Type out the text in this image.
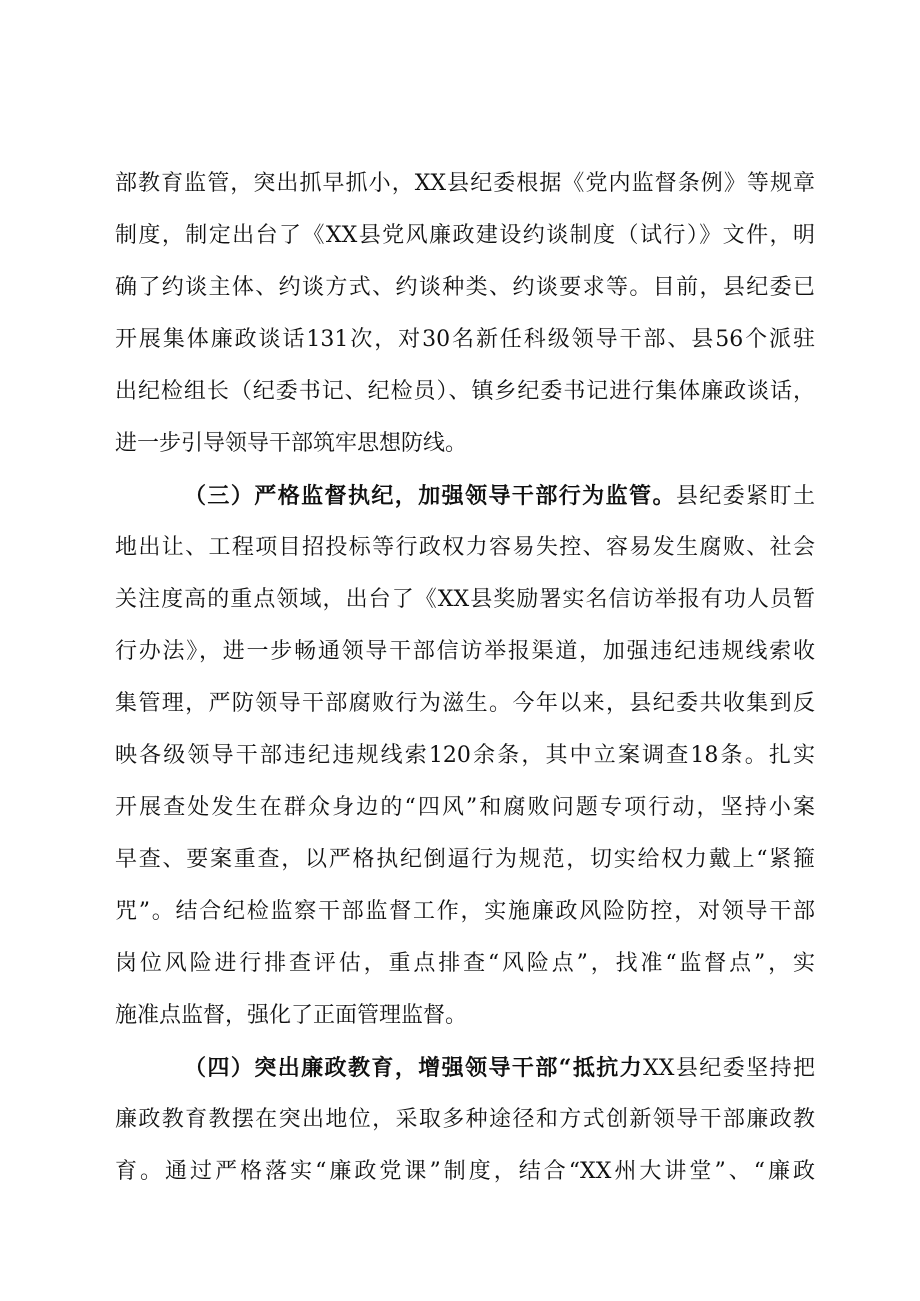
部教育监管，突出抓早抓小，XX县纪委根据《党内监督条例》等规章
制度，制定出台了《XX县党风廉政建设约谈制度（试行）》文件，明
确了约谈主体、约谈方式、约谈种类、约谈要求等。目前，县纪委已
开展集体廉政谈话131次，对30名新任科级领导干部、县56个派驻
出纪检组长（纪委书记、纪检员）、镇乡纪委书记进行集体廉政谈话，
进一步引导领导干部筑牢思想防线。
（三）严格监督执纪，加强领导干部行为监管。县纪委紧盯土
地出让、工程项目招投标等行政权力容易失控、容易发生腐败、社会
关注度高的重点领域，出台了《XX县奖励署实名信访举报有功人员暂
行办法》，进一步畅通领导干部信访举报渠道，加强违纪违规线索收
集管理，严防领导干部腐败行为滋生。今年以来，县纪委共收集到反
映各级领导干部违纪违规线索120余条，其中立案调查18条。扎实
开展查处发生在群众身边的“四风”和腐败问题专项行动，坚持小案
早查、要案重查，以严格执纪倒逼行为规范，切实给权力戴上“紧箍
咒”。结合纪检监察干部监督工作，实施廉政风险防控，对领导干部
岗位风险进行排查评估，重点排查“风险点”，找准“监督点”，实
施准点监督，强化了正面管理监督。
（四）突出廉政教育，增强领导干部“抵抗力XX县纪委坚持把
廉政教育教摆在突出地位，采取多种途径和方式创新领导干部廉政教
育。通过严格落实“廉政党课”制度，结合“XX州大讲堂”、“廉政
